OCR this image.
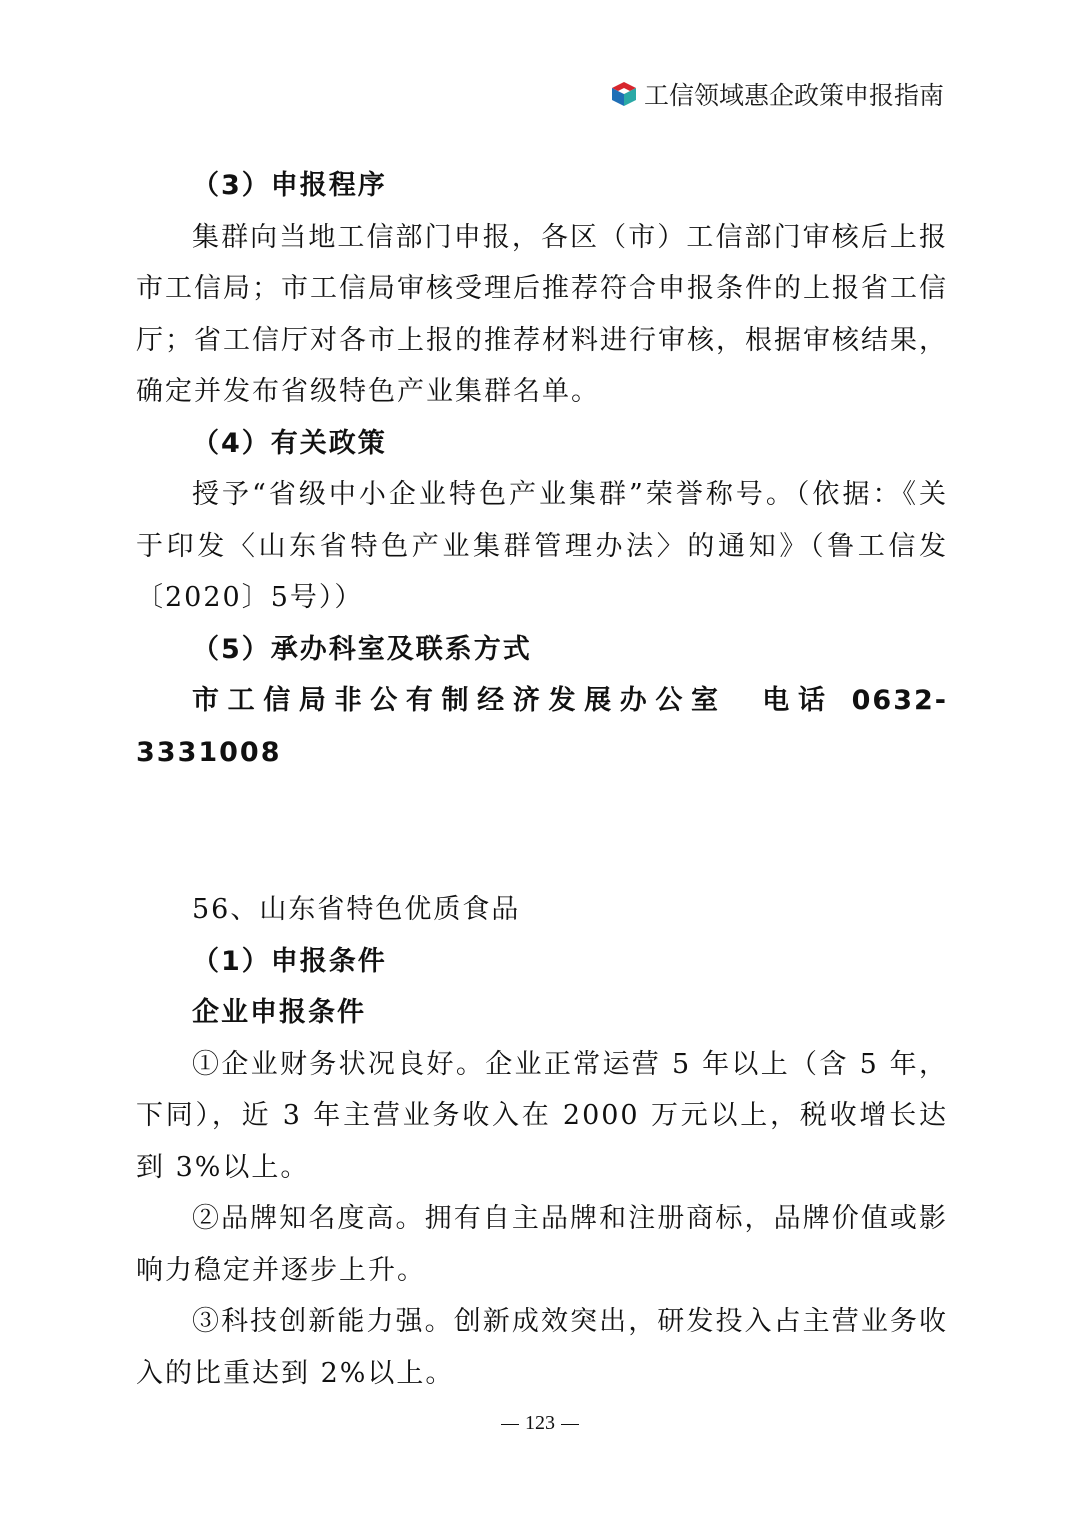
工信领域惠企政策申报指南

（3）申报程序

集群向当地工信部门申报，各区（市）工信部门审核后上报市工信局；市工信局审核受理后推荐符合申报条件的上报省工信厅；省工信厅对各市上报的推荐材料进行审核，根据审核结果，确定并发布省级特色产业集群名单。

（4）有关政策

授予“省级中小企业特色产业集群”荣誉称号。（依据：《关于印发〈山东省特色产业集群管理办法〉的通知》（鲁工信发〔2020〕5号））

（5）承办科室及联系方式

市工信局非公有制经济发展办公室　电话 0632-3331008

56、山东省特色优质食品

（1）申报条件

企业申报条件

①企业财务状况良好。企业正常运营 5 年以上（含 5 年，下同），近 3 年主营业务收入在 2000 万元以上，税收增长达到 3%以上。

②品牌知名度高。拥有自主品牌和注册商标，品牌价值或影响力稳定并逐步上升。

③科技创新能力强。创新成效突出，研发投入占主营业务收入的比重达到 2%以上。

123
